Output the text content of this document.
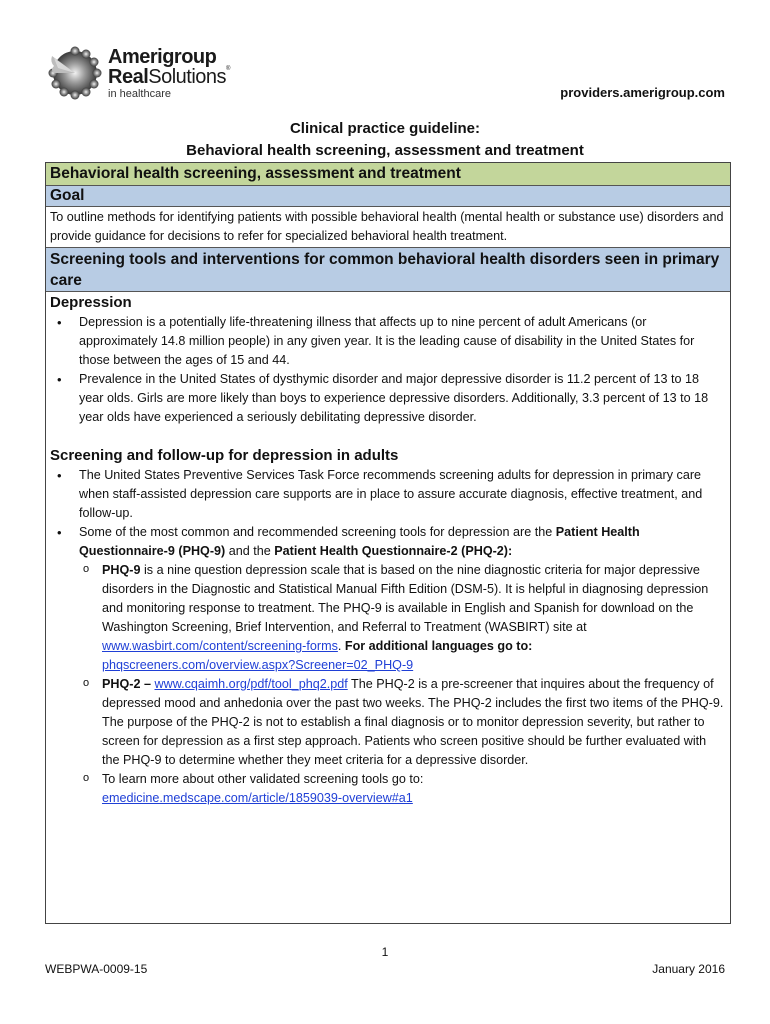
Amerigroup
RealSolutions®
in healthcare	providers.amerigroup.com
Clinical practice guideline:
Behavioral health screening, assessment and treatment
Behavioral health screening, assessment and treatment
Goal
To outline methods for identifying patients with possible behavioral health (mental health or substance use) disorders and provide guidance for decisions to refer for specialized behavioral health treatment.
Screening tools and interventions for common behavioral health disorders seen in primary care
Depression
• Depression is a potentially life-threatening illness that affects up to nine percent of adult Americans (or approximately 14.8 million people) in any given year. It is the leading cause of disability in the United States for those between the ages of 15 and 44.
• Prevalence in the United States of dysthymic disorder and major depressive disorder is 11.2 percent of 13 to 18 year olds. Girls are more likely than boys to experience depressive disorders. Additionally, 3.3 percent of 13 to 18 year olds have experienced a seriously debilitating depressive disorder.
Screening and follow-up for depression in adults
• The United States Preventive Services Task Force recommends screening adults for depression in primary care when staff-assisted depression care supports are in place to assure accurate diagnosis, effective treatment, and follow-up.
• Some of the most common and recommended screening tools for depression are the Patient Health Questionnaire-9 (PHQ-9) and the Patient Health Questionnaire-2 (PHQ-2):
o PHQ-9 is a nine question depression scale that is based on the nine diagnostic criteria for major depressive disorders in the Diagnostic and Statistical Manual Fifth Edition (DSM-5). It is helpful in diagnosing depression and monitoring response to treatment. The PHQ-9 is available in English and Spanish for download on the Washington Screening, Brief Intervention, and Referral to Treatment (WASBIRT) site at www.wasbirt.com/content/screening-forms. For additional languages go to:
phqscreeners.com/overview.aspx?Screener=02_PHQ-9
o PHQ-2 – www.cqaimh.org/pdf/tool_phq2.pdf The PHQ-2 is a pre-screener that inquires about the frequency of depressed mood and anhedonia over the past two weeks. The PHQ-2 includes the first two items of the PHQ-9. The purpose of the PHQ-2 is not to establish a final diagnosis or to monitor depression severity, but rather to screen for depression as a first step approach. Patients who screen positive should be further evaluated with the PHQ-9 to determine whether they meet criteria for a depressive disorder.
o To learn more about other validated screening tools go to:
emedicine.medscape.com/article/1859039-overview#a1
1
WEBPWA-0009-15	January 2016
